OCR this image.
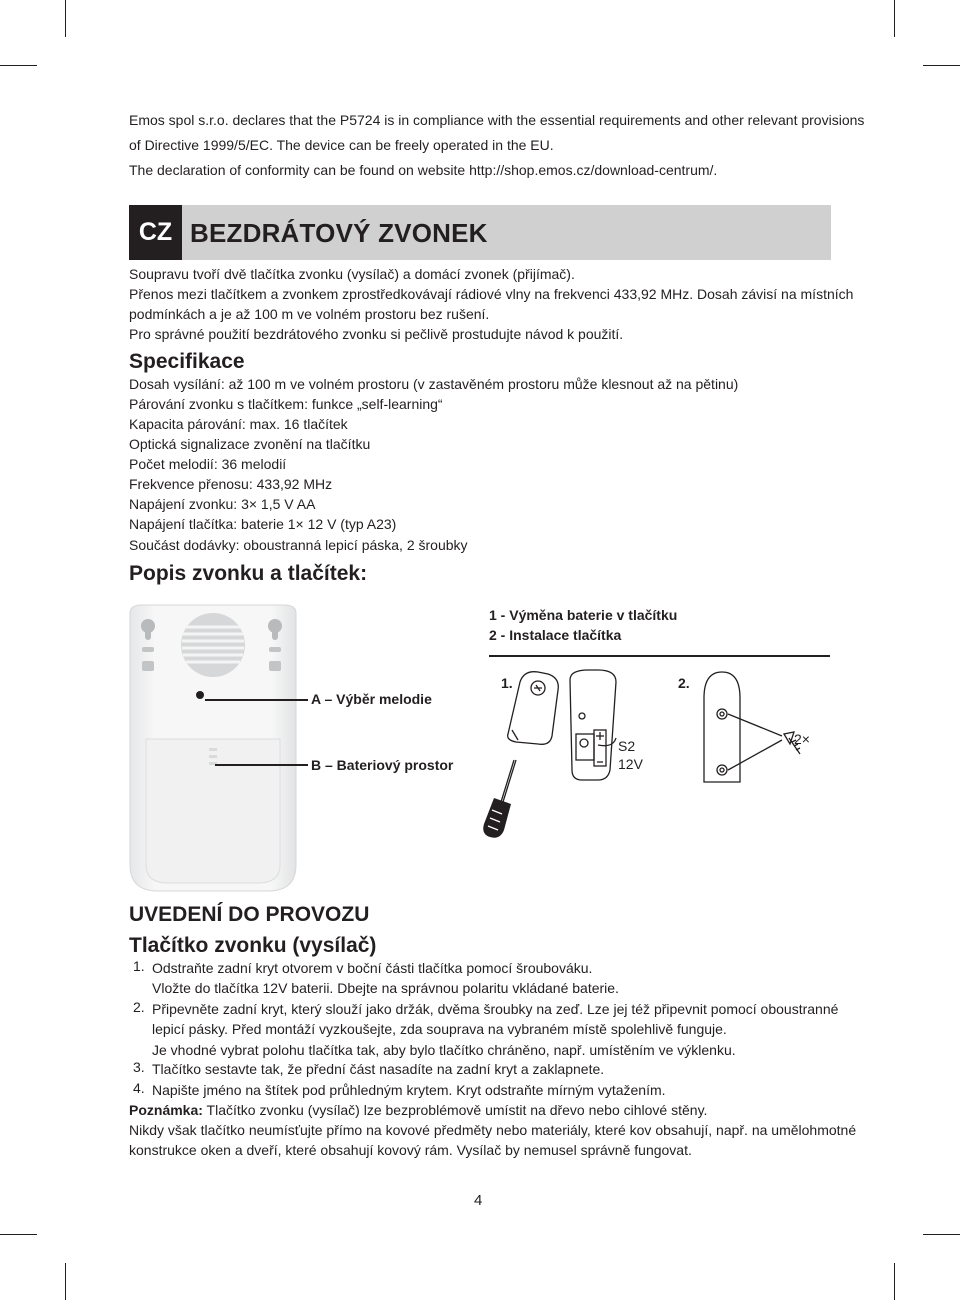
Emos spol s.r.o. declares that the P5724 is in compliance with the essential requirements and other relevant provisions

of Directive 1999/5/EC. The device can be freely operated in the EU.

The declaration of conformity can be found on website http://shop.emos.cz/download-centrum/.

CZ BEZDRÁTOVÝ ZVONEK

Soupravu tvoří dvě tlačítka zvonku (vysílač) a domácí zvonek (přijímač).

Přenos mezi tlačítkem a zvonkem zprostředkovávají rádiové vlny na frekvenci 433,92 MHz. Dosah závisí na místních

podmínkách a je až 100 m ve volném prostoru bez rušení.

Pro správné použití bezdrátového zvonku si pečlivě prostudujte návod k použití.

Specifikace
Dosah vysílání: až 100 m ve volném prostoru (v zastavěném prostoru může klesnout až na pětinu)
Párování zvonku s tlačítkem: funkce „self-learning“
Kapacita párování: max. 16 tlačítek
Optická signalizace zvonění na tlačítku
Počet melodií: 36 melodií
Frekvence přenosu: 433,92 MHz
Napájení zvonku: 3× 1,5 V AA
Napájení tlačítka: baterie 1× 12 V (typ A23)
Součást dodávky: oboustranná lepicí páska, 2 šroubky
Popis zvonku a tlačítek:
A – Výběr melodie
B – Bateriový prostor
1 - Výměna baterie v tlačítku
2 - Instalace tlačítka
1.	2.
S2
12V
2×
UVEDENÍ DO PROVOZU
Tlačítko zvonku (vysílač)
1. Odstraňte zadní kryt otvorem v boční části tlačítka pomocí šroubováku.
Vložte do tlačítka 12V baterii. Dbejte na správnou polaritu vkládané baterie.
2. Připevněte zadní kryt, který slouží jako držák, dvěma šroubky na zeď. Lze jej též připevnit pomocí oboustranné
lepicí pásky. Před montáží vyzkoušejte, zda souprava na vybraném místě spolehlivě funguje.
Je vhodné vybrat polohu tlačítka tak, aby bylo tlačítko chráněno, např. umístěním ve výklenku.
3. Tlačítko sestavte tak, že přední část nasadíte na zadní kryt a zaklapnete.
4. Napište jméno na štítek pod průhledným krytem. Kryt odstraňte mírným vytažením.
Poznámka: Tlačítko zvonku (vysílač) lze bezproblémově umístit na dřevo nebo cihlové stěny.
Nikdy však tlačítko neumísťujte přímo na kovové předměty nebo materiály, které kov obsahují, např. na umělohmotné
konstrukce oken a dveří, které obsahují kovový rám. Vysílač by nemusel správně fungovat.
4
